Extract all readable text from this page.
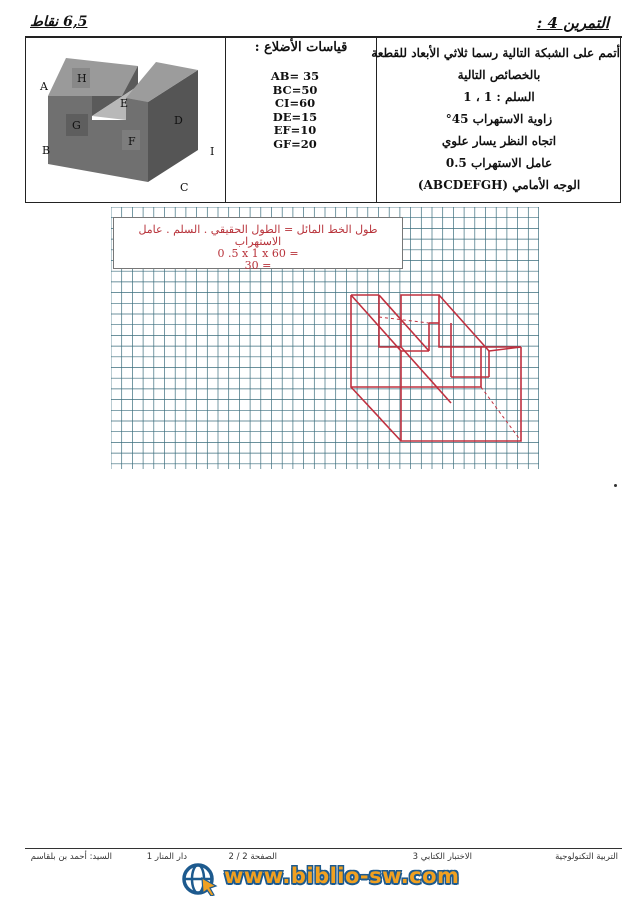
التمرين 4 :
6,5 نقاط
A
B
C
D
E
F
G
H
I
قياسات الأضلاع :
AB= 35
BC=50
CI=60
DE=15
EF=10
GF=20
أتمم على الشبكة التالية رسما ثلاثي الأبعاد للقطعة
بالخصائص التالية
السلم : 1 ، 1
زاوية الاستهراب 45°
اتجاه النظر يسار علوي
عامل الاستهراب 0.5
الوجه الأمامي (ABCDEFGH)
طول الخط المائل = الطول الحقيقي . السلم . عامل الاستهراب
0 .5 x 1 x 60 =
30 =
التربية التكنولوجية
الاختبار الكتابي 3
الصفحة 2 / 2
دار المنار 1
السيد: أحمد بن بلقاسم
www.biblio-sw.com
